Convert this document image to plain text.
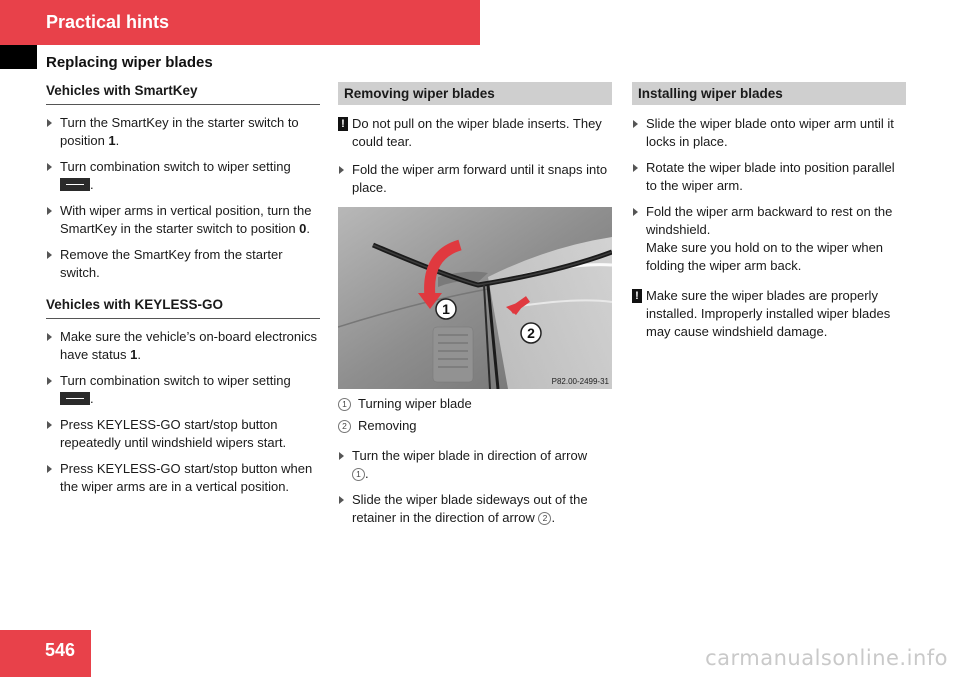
Practical hints
Replacing wiper blades
Vehicles with SmartKey
Turn the SmartKey in the starter switch to position 1.
Turn combination switch to wiper setting
.
With wiper arms in vertical position, turn the SmartKey in the starter switch to position 0.
Remove the SmartKey from the starter switch.
Vehicles with KEYLESS-GO
Make sure the vehicle’s on-board electronics have status 1.
Turn combination switch to wiper setting
.
Press KEYLESS-GO start/stop button repeatedly until windshield wipers start.
Press KEYLESS-GO start/stop button when the wiper arms are in a vertical position.
Removing wiper blades
! Do not pull on the wiper blade inserts. They could tear.
Fold the wiper arm forward until it snaps into place.
1
2
P82.00-2499-31
1 Turning wiper blade
2 Removing
Turn the wiper blade in direction of arrow
1 .
Slide the wiper blade sideways out of the retainer in the direction of arrow 2 .
Installing wiper blades
Slide the wiper blade onto wiper arm until it locks in place.
Rotate the wiper blade into position parallel to the wiper arm.
Fold the wiper arm backward to rest on the windshield.
Make sure you hold on to the wiper when folding the wiper arm back.
! Make sure the wiper blades are properly installed. Improperly installed wiper blades may cause windshield damage.
546	carmanualsonline.info
